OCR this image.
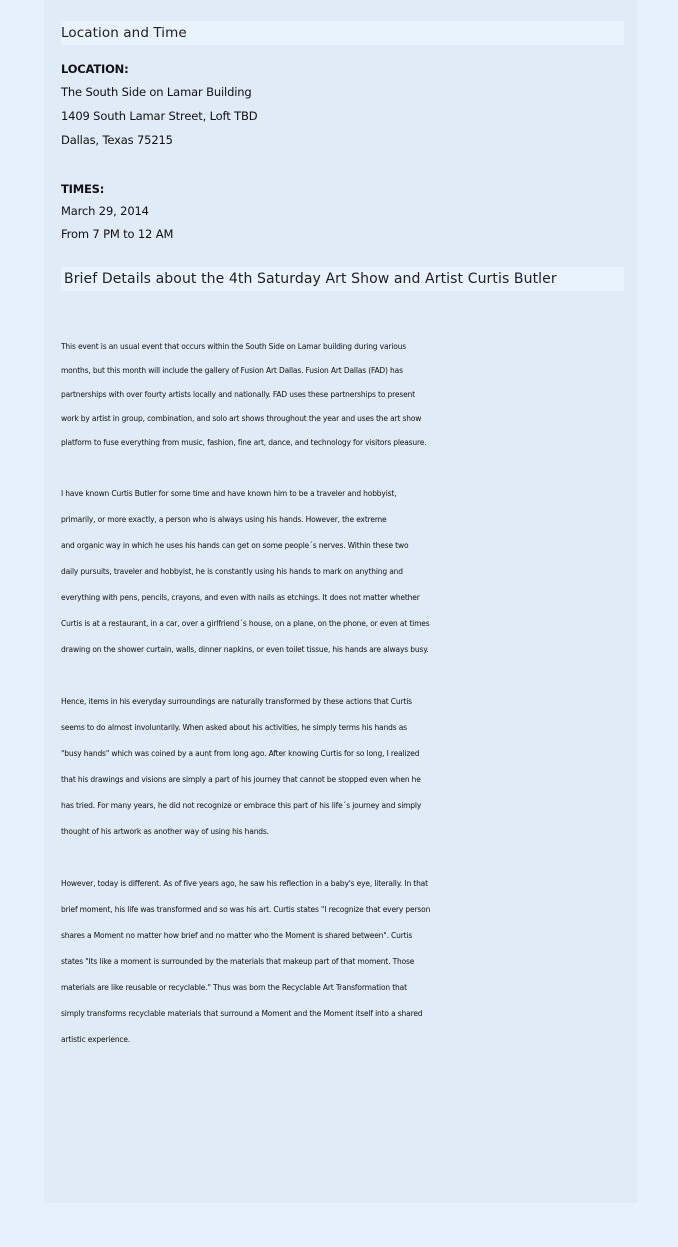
Location and Time
LOCATION:
The South Side on Lamar Building
1409 South Lamar Street, Loft TBD
Dallas, Texas 75215
TIMES:
March 29, 2014
From 7 PM to 12 AM
Brief Details about the 4th Saturday Art Show and Artist Curtis Butler
This event is an usual event that occurs within the South Side on Lamar building during various
months, but this month will include the gallery of Fusion Art Dallas. Fusion Art Dallas (FAD) has
partnerships with over fourty artists locally and nationally. FAD uses these partnerships to present
work by artist in group, combination, and solo art shows throughout the year and uses the art show
platform to fuse everything from music, fashion, fine art, dance, and technology for visitors pleasure.
I have known Curtis Butler for some time and have known him to be a traveler and hobbyist,
primarily, or more exactly, a person who is always using his hands. However, the extreme
and organic way in which he uses his hands can get on some people´s nerves. Within these two
daily pursuits, traveler and hobbyist, he is constantly using his hands to mark on anything and
everything with pens, pencils, crayons, and even with nails as etchings. It does not matter whether
Curtis is at a restaurant, in a car, over a girlfriend´s house, on a plane, on the phone, or even at times
drawing on the shower curtain, walls, dinner napkins, or even toilet tissue, his hands are always busy.
Hence, items in his everyday surroundings are naturally transformed by these actions that Curtis
seems to do almost involuntarily. When asked about his activities, he simply terms his hands as
"busy hands" which was coined by a aunt from long ago. After knowing Curtis for so long, I realized
that his drawings and visions are simply a part of his journey that cannot be stopped even when he
has tried. For many years, he did not recognize or embrace this part of his life´s journey and simply
thought of his artwork as another way of using his hands.
However, today is different. As of five years ago, he saw his reflection in a baby's eye, literally. In that
brief moment, his life was transformed and so was his art. Curtis states "I recognize that every person
shares a Moment no matter how brief and no matter who the Moment is shared between". Curtis
states "Its like a moment is surrounded by the materials that makeup part of that moment. Those
materials are like reusable or recyclable." Thus was born the Recyclable Art Transformation that
simply transforms recyclable materials that surround a Moment and the Moment itself into a shared
artistic experience.
